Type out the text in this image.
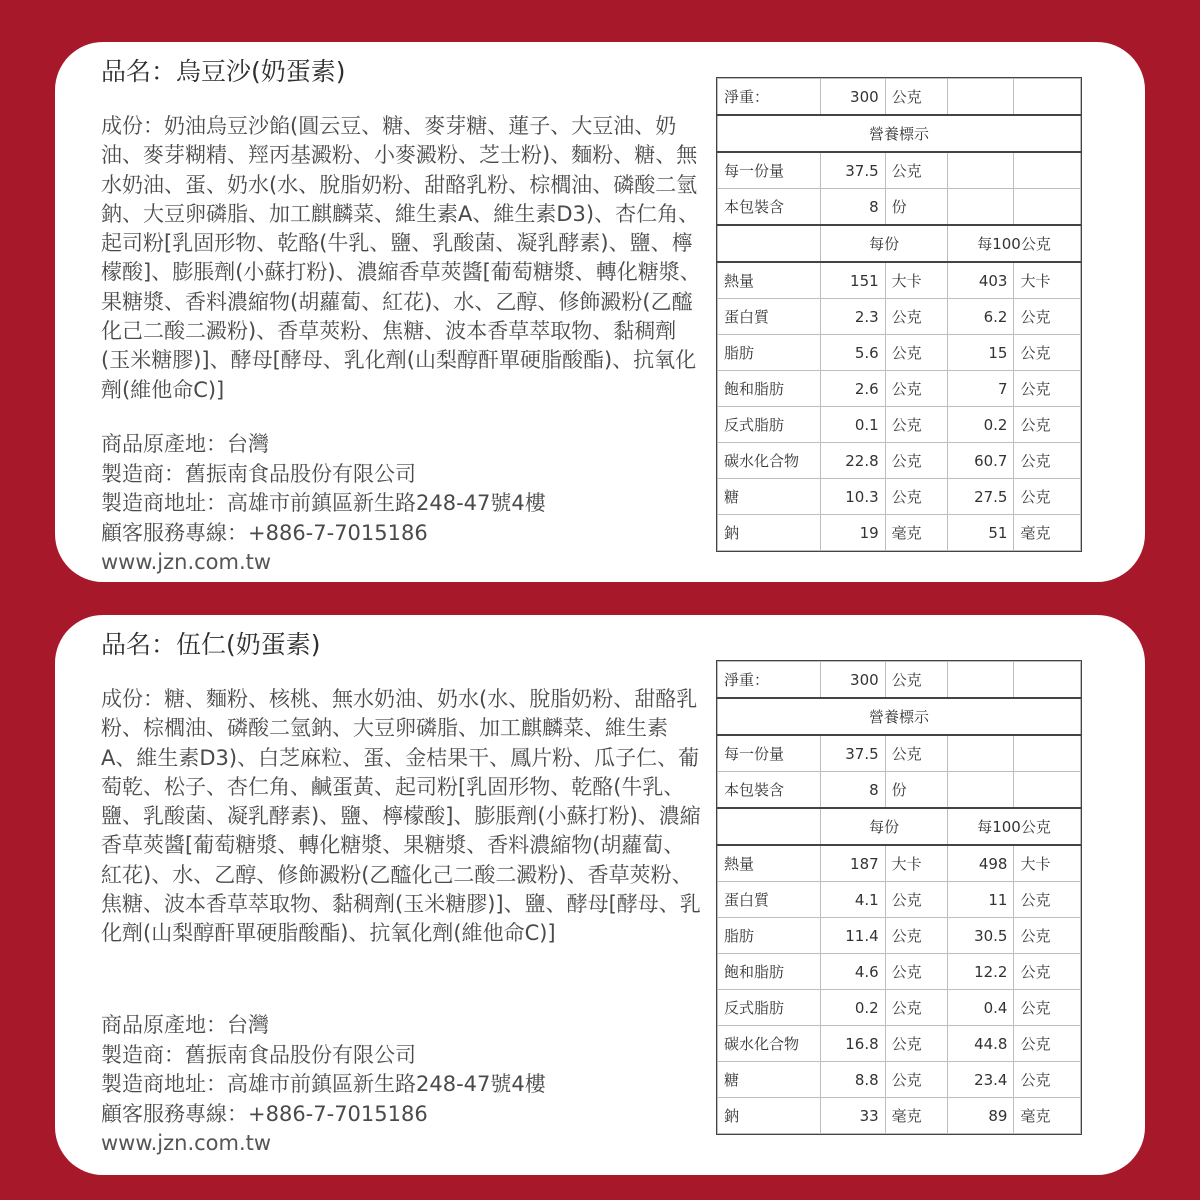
品名：烏豆沙(奶蛋素)
成份：奶油烏豆沙餡(圓云豆、糖、麥芽糖、蓮子、大豆油、奶油、麥芽糊精、羥丙基澱粉、小麥澱粉、芝士粉)、麵粉、糖、無水奶油、蛋、奶水(水、脫脂奶粉、甜酪乳粉、棕櫚油、磷酸二氫鈉、大豆卵磷脂、加工麒麟菜、維生素A、維生素D3)、杏仁角、起司粉[乳固形物、乾酪(牛乳、鹽、乳酸菌、凝乳酵素)、鹽、檸檬酸]、膨脹劑(小蘇打粉)、濃縮香草莢醬[葡萄糖漿、轉化糖漿、果糖漿、香料濃縮物(胡蘿蔔、紅花)、水、乙醇、修飾澱粉(乙醯化己二酸二澱粉)、香草莢粉、焦糖、波本香草萃取物、黏稠劑(玉米糖膠)]、酵母[酵母、乳化劑(山梨醇酐單硬脂酸酯)、抗氧化劑(維他命C)]
商品原產地：台灣
製造商：舊振南食品股份有限公司
製造商地址：高雄市前鎮區新生路248-47號4樓
顧客服務專線：+886-7-7015186
www.jzn.com.tw
淨重：	300	公克		
營養標示				
每一份量	37.5	公克		
本包裝含	8	份		
	每份		每100公克	
熱量	151	大卡	403	大卡
蛋白質	2.3	公克	6.2	公克
脂肪	5.6	公克	15	公克
飽和脂肪	2.6	公克	7	公克
反式脂肪	0.1	公克	0.2	公克
碳水化合物	22.8	公克	60.7	公克
糖	10.3	公克	27.5	公克
鈉	19	毫克	51	毫克
品名：伍仁(奶蛋素)
成份：糖、麵粉、核桃、無水奶油、奶水(水、脫脂奶粉、甜酪乳粉、棕櫚油、磷酸二氫鈉、大豆卵磷脂、加工麒麟菜、維生素A、維生素D3)、白芝麻粒、蛋、金桔果干、鳳片粉、瓜子仁、葡萄乾、松子、杏仁角、鹹蛋黃、起司粉[乳固形物、乾酪(牛乳、鹽、乳酸菌、凝乳酵素)、鹽、檸檬酸]、膨脹劑(小蘇打粉)、濃縮香草莢醬[葡萄糖漿、轉化糖漿、果糖漿、香料濃縮物(胡蘿蔔、紅花)、水、乙醇、修飾澱粉(乙醯化己二酸二澱粉)、香草莢粉、焦糖、波本香草萃取物、黏稠劑(玉米糖膠)]、鹽、酵母[酵母、乳化劑(山梨醇酐單硬脂酸酯)、抗氧化劑(維他命C)]
商品原產地：台灣
製造商：舊振南食品股份有限公司
製造商地址：高雄市前鎮區新生路248-47號4樓
顧客服務專線：+886-7-7015186
www.jzn.com.tw
淨重：	300	公克		
營養標示				
每一份量	37.5	公克		
本包裝含	8	份		
	每份		每100公克	
熱量	187	大卡	498	大卡
蛋白質	4.1	公克	11	公克
脂肪	11.4	公克	30.5	公克
飽和脂肪	4.6	公克	12.2	公克
反式脂肪	0.2	公克	0.4	公克
碳水化合物	16.8	公克	44.8	公克
糖	8.8	公克	23.4	公克
鈉	33	毫克	89	毫克
